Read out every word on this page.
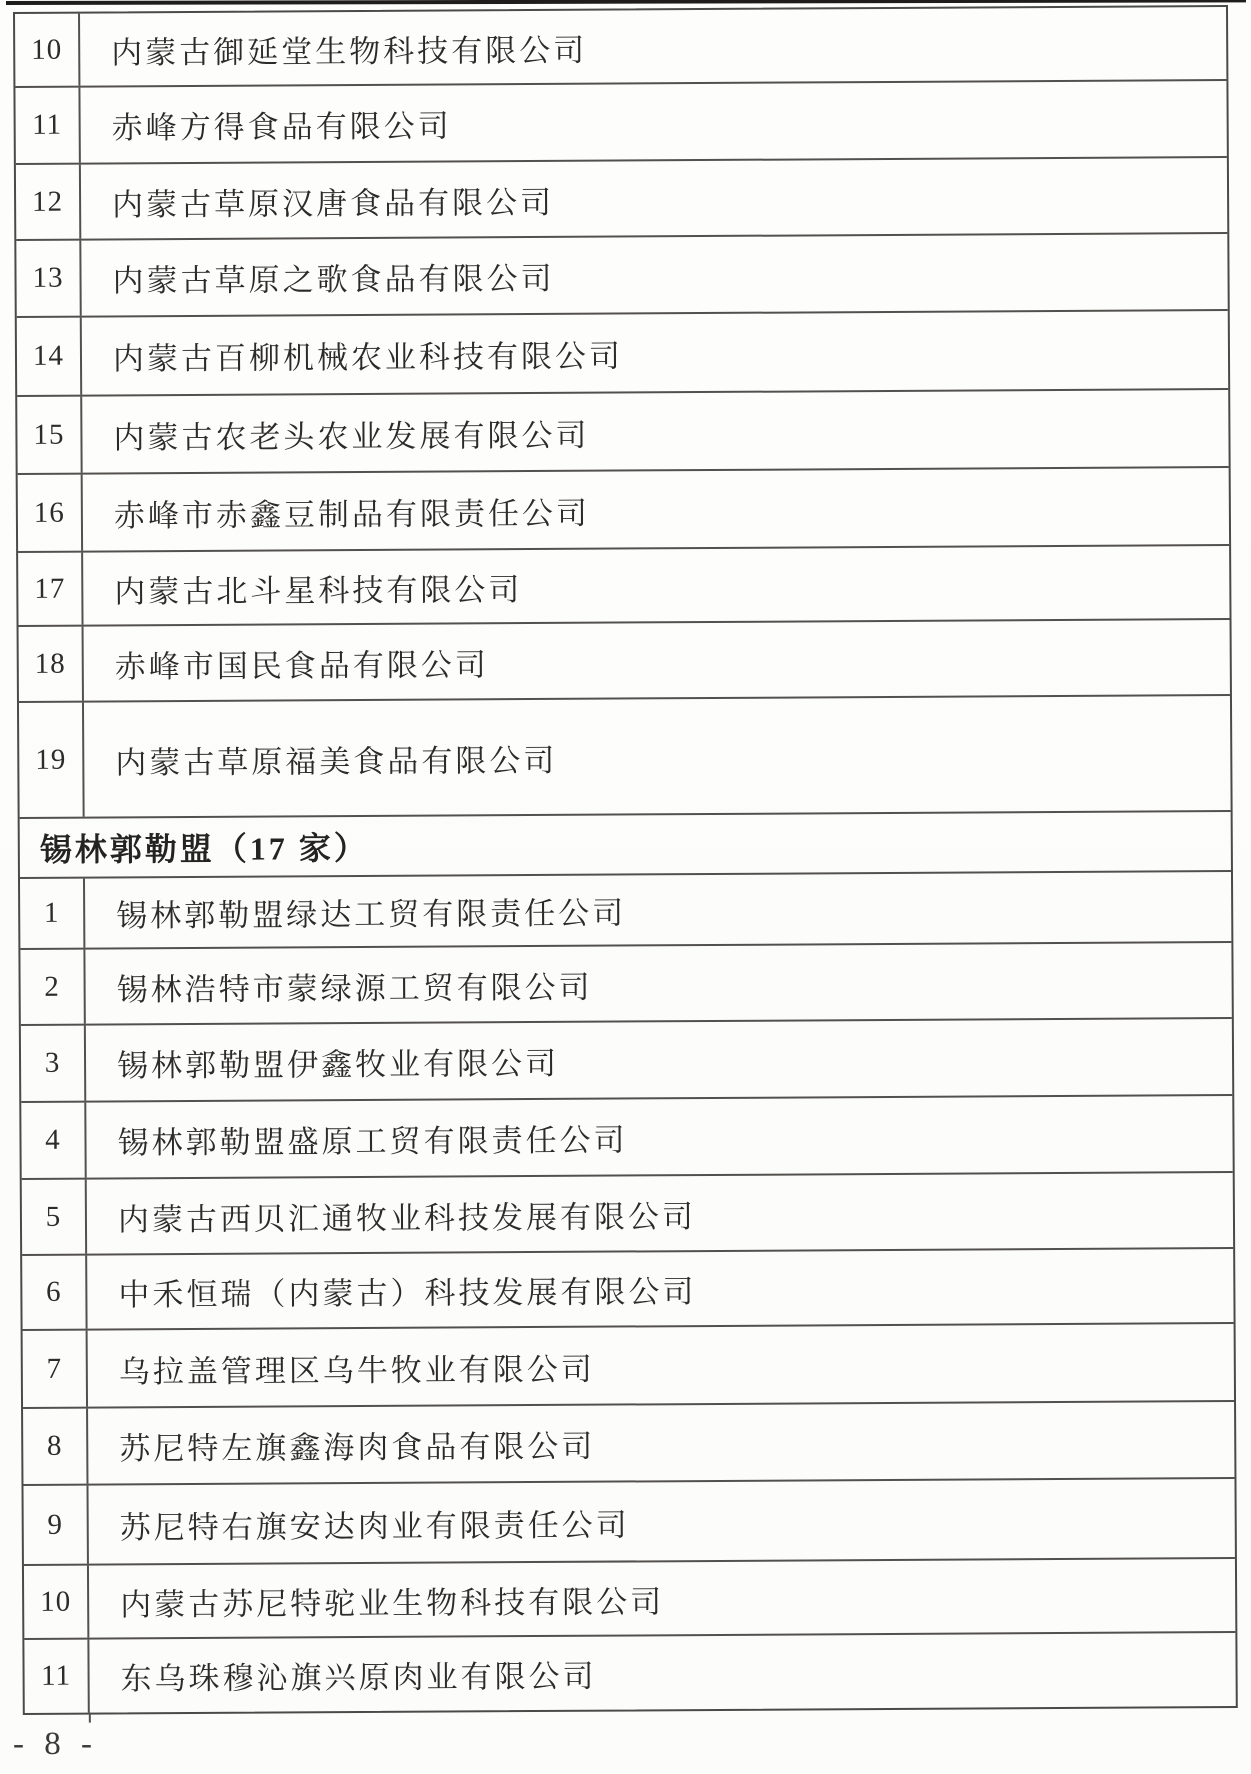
10	内蒙古御延堂生物科技有限公司
11	赤峰方得食品有限公司
12	内蒙古草原汉唐食品有限公司
13	内蒙古草原之歌食品有限公司
14	内蒙古百柳机械农业科技有限公司
15	内蒙古农老头农业发展有限公司
16	赤峰市赤鑫豆制品有限责任公司
17	内蒙古北斗星科技有限公司
18	赤峰市国民食品有限公司
19	内蒙古草原福美食品有限公司
锡林郭勒盟（17 家）
1	锡林郭勒盟绿达工贸有限责任公司
2	锡林浩特市蒙绿源工贸有限公司
3	锡林郭勒盟伊鑫牧业有限公司
4	锡林郭勒盟盛原工贸有限责任公司
5	内蒙古西贝汇通牧业科技发展有限公司
6	中禾恒瑞（内蒙古）科技发展有限公司
7	乌拉盖管理区乌牛牧业有限公司
8	苏尼特左旗鑫海肉食品有限公司
9	苏尼特右旗安达肉业有限责任公司
10	内蒙古苏尼特驼业生物科技有限公司
11	东乌珠穆沁旗兴原肉业有限公司
- 8 -
